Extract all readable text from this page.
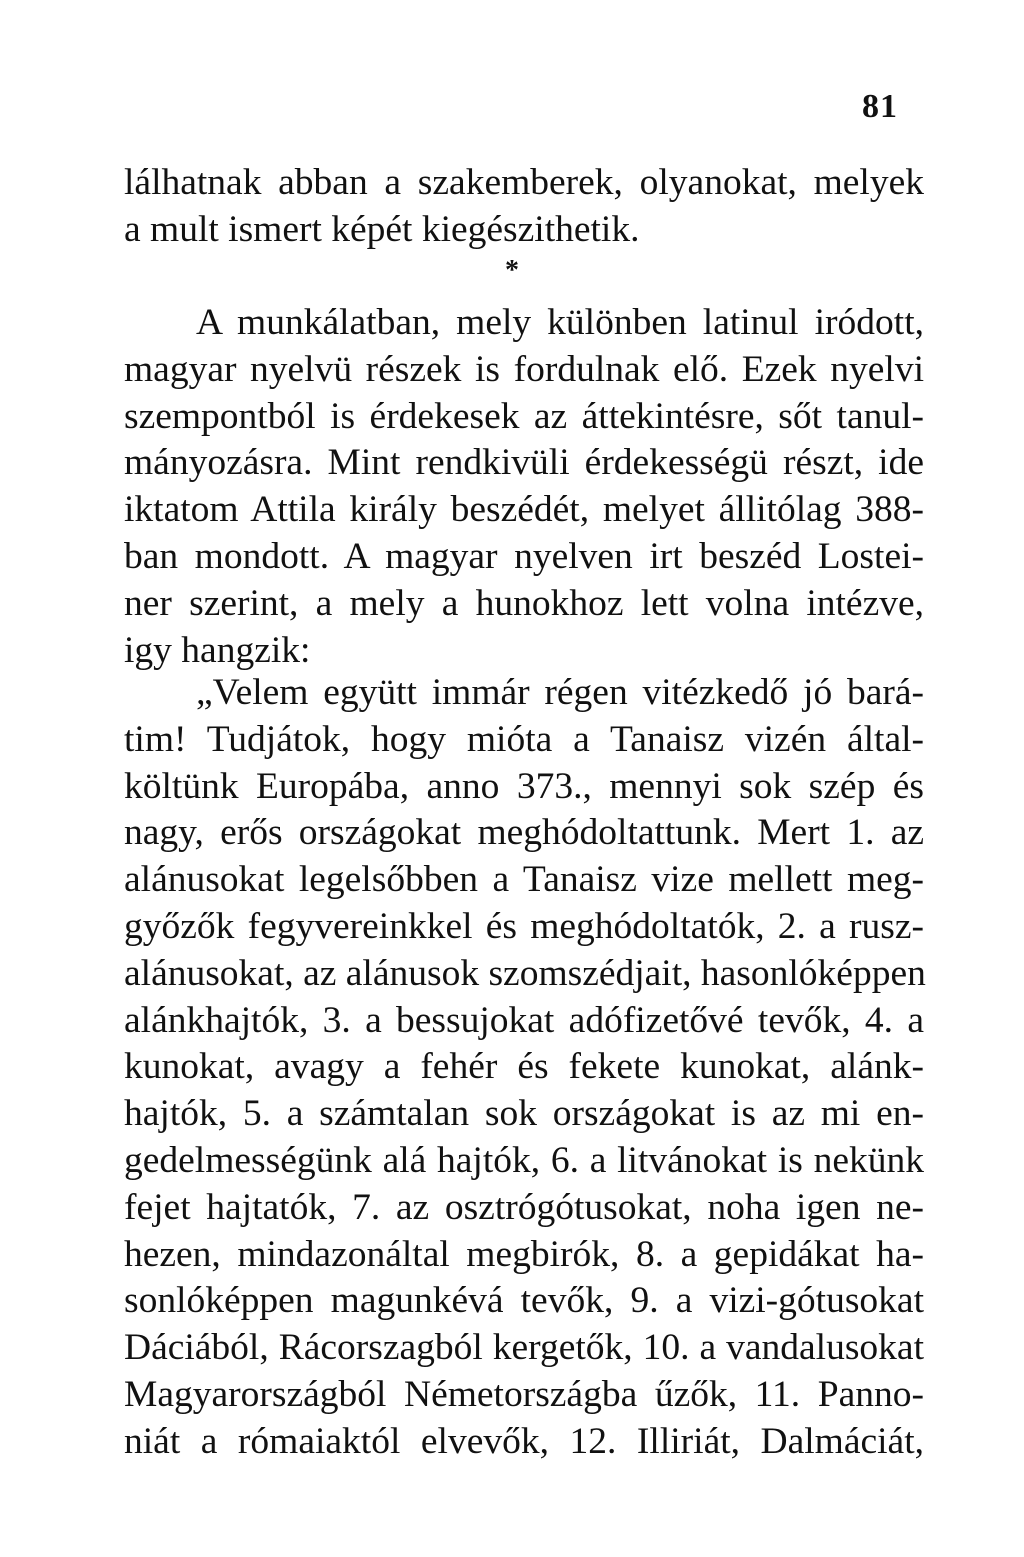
81
lálhatnak abban a szakemberek, olyanokat, melyek
a mult ismert képét kiegészithetik.
*
A munkálatban, mely különben latinul iródott,
magyar nyelvü részek is fordulnak elő. Ezek nyelvi
szempontból is érdekesek az áttekintésre, sőt tanul-
mányozásra. Mint rendkivüli érdekességü részt, ide
iktatom Attila király beszédét, melyet állitólag 388-
ban mondott. A magyar nyelven irt beszéd Lostei-
ner szerint, a mely a hunokhoz lett volna intézve,
igy hangzik:
„Velem együtt immár régen vitézkedő jó bará-
tim! Tudjátok, hogy mióta a Tanaisz vizén által-
költünk Europába, anno 373., mennyi sok szép és
nagy, erős országokat meghódoltattunk. Mert 1. az
alánusokat legelsőbben a Tanaisz vize mellett meg-
győzők fegyvereinkkel és meghódoltatók, 2. a rusz-
alánusokat, az alánusok szomszédjait, hasonlóképpen
alánkhajtók, 3. a bessujokat adófizetővé tevők, 4. a
kunokat, avagy a fehér és fekete kunokat, alánk-
hajtók, 5. a számtalan sok országokat is az mi en-
gedelmességünk alá hajtók, 6. a litvánokat is nekünk
fejet hajtatók, 7. az osztrógótusokat, noha igen ne-
hezen, mindazonáltal megbirók, 8. a gepidákat ha-
sonlóképpen magunkévá tevők, 9. a vizi-gótusokat
Dáciából, Rácorszagból kergetők, 10. a vandalusokat
Magyarországból Németországba űzők, 11. Panno-
niát a rómaiaktól elvevők, 12. Illiriát, Dalmáciát,
